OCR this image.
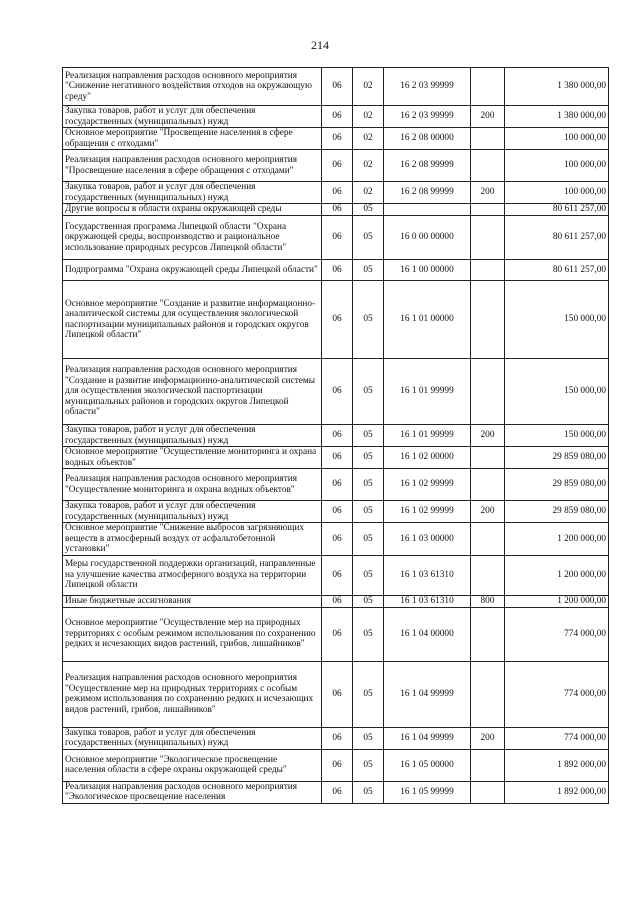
214
Реализация направления расходов основного мероприятия "Снижение негативного воздействия отходов на окружающую среду"	06	02	16 2 03 99999		1 380 000,00
Закупка товаров, работ и услуг для обеспечения государственных (муниципальных) нужд	06	02	16 2 03 99999	200	1 380 000,00
Основное мероприятие "Просвещение населения в сфере обращения с отходами"	06	02	16 2 08 00000		100 000,00
Реализация направления расходов основного мероприятия "Просвещение населения в сфере обращения с отходами"	06	02	16 2 08 99999		100 000,00
Закупка товаров, работ и услуг для обеспечения государственных (муниципальных) нужд	06	02	16 2 08 99999	200	100 000,00
Другие вопросы в области охраны окружающей среды	06	05			80 611 257,00
Государственная программа Липецкой области "Охрана окружающей среды, воспроизводство и рациональное использование природных ресурсов Липецкой области"	06	05	16 0 00 00000		80 611 257,00
Подпрограмма "Охрана окружающей среды Липецкой области"	06	05	16 1 00 00000		80 611 257,00
Основное мероприятие "Создание и развитие информационно-аналитической системы для осуществления экологической паспортизации муниципальных районов и городских округов Липецкой области"	06	05	16 1 01 00000		150 000,00
Реализация направления расходов основного мероприятия "Создание и развитие информационно-аналитической системы для осуществления экологической паспортизации муниципальных районов и городских округов Липецкой области"	06	05	16 1 01 99999		150 000,00
Закупка товаров, работ и услуг для обеспечения государственных (муниципальных) нужд	06	05	16 1 01 99999	200	150 000,00
Основное мероприятие "Осуществление мониторинга и охрана водных объектов"	06	05	16 1 02 00000		29 859 080,00
Реализация направления расходов основного мероприятия "Осуществление мониторинга и охрана водных объектов"	06	05	16 1 02 99999		29 859 080,00
Закупка товаров, работ и услуг для обеспечения государственных (муниципальных) нужд	06	05	16 1 02 99999	200	29 859 080,00
Основное мероприятие "Снижение выбросов загрязняющих веществ в атмосферный воздух от асфальтобетонной установки"	06	05	16 1 03 00000		1 200 000,00
Меры государственной поддержки организаций, направленные на улучшение качества атмосферного воздуха на территории Липецкой области	06	05	16 1 03 61310		1 200 000,00
Иные бюджетные ассигнования	06	05	16 1 03 61310	800	1 200 000,00
Основное мероприятие "Осуществление мер на природных территориях с особым режимом использования по сохранению редких и исчезающих видов растений, грибов, лишайников"	06	05	16 1 04 00000		774 000,00
Реализация направления расходов основного мероприятия "Осуществление мер на природных территориях с особым режимом использования по сохранению редких и исчезающих видов растений, грибов, лишайников"	06	05	16 1 04 99999		774 000,00
Закупка товаров, работ и услуг для обеспечения государственных (муниципальных) нужд	06	05	16 1 04 99999	200	774 000,00
Основное мероприятие "Экологическое просвещение населения области в сфере охраны окружающей среды"	06	05	16 1 05 00000		1 892 000,00
Реализация направления расходов основного мероприятия "Экологическое просвещение населения	06	05	16 1 05 99999		1 892 000,00
